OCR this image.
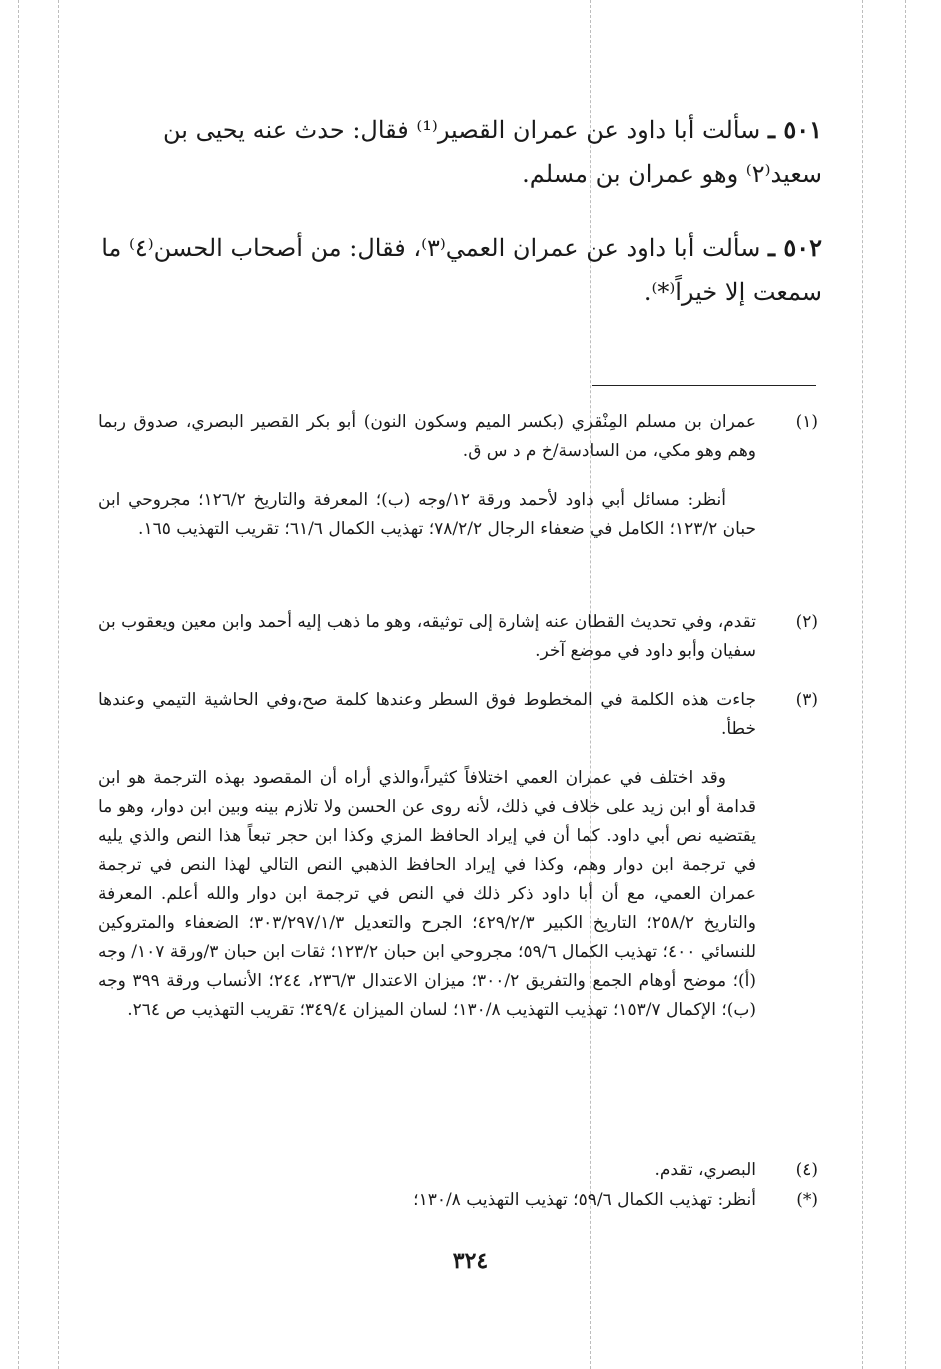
٥٠١ ـ سألت أبا داود عن عمران القصير⁽¹⁾ فقال: حدث عنه يحيى بن سعيد⁽٢⁾ وهو عمران بن مسلم.
٥٠٢ ـ سألت أبا داود عن عمران العمي⁽٣⁾، فقال: من أصحاب الحسن⁽٤⁾ ما سمعت إلا خيراً⁽*⁾.
(١)
عمران بن مسلم المِنْقري (بكسر الميم وسكون النون) أبو بكر القصير البصري، صدوق ربما وهم وهو مكي، من السادسة/خ م د س ق.
أنظر: مسائل أبي داود لأحمد ورقة ١٢/وجه (ب)؛ المعرفة والتاريخ ١٢٦/٢؛ مجروحي ابن حبان ١٢٣/٢؛ الكامل في ضعفاء الرجال ٧٨/٢/٢؛ تهذيب الكمال ٦١/٦؛ تقريب التهذيب ١٦٥.
(٢)
تقدم، وفي تحديث القطان عنه إشارة إلى توثيقه، وهو ما ذهب إليه أحمد وابن معين ويعقوب بن سفيان وأبو داود في موضع آخر.
(٣)
جاءت هذه الكلمة في المخطوط فوق السطر وعندها كلمة صح،وفي الحاشية التيمي وعندها خطأ.
وقد اختلف في عمران العمي اختلافاً كثيراً،والذي أراه أن المقصود بهذه الترجمة هو ابن قدامة أو ابن زيد على خلاف في ذلك، لأنه روى عن الحسن ولا تلازم بينه وبين ابن دوار، وهو ما يقتضيه نص أبي داود. كما أن في إيراد الحافظ المزي وكذا ابن حجر تبعاً هذا النص والذي يليه في ترجمة ابن دوار وهم، وكذا في إيراد الحافظ الذهبي النص التالي لهذا النص في ترجمة عمران العمي، مع أن أبا داود ذكر ذلك في النص في ترجمة ابن دوار والله أعلم. المعرفة والتاريخ ٢٥٨/٢؛ التاريخ الكبير ٤٢٩/٢/٣؛ الجرح والتعديل ٣٠٣/٢٩٧/١/٣؛ الضعفاء والمتروكين للنسائي ٤٠٠؛ تهذيب الكمال ٥٩/٦؛ مجروحي ابن حبان ١٢٣/٢؛ ثقات ابن حبان ٣/ورقة ١٠٧/ وجه (أ)؛ موضح أوهام الجمع والتفريق ٣٠٠/٢؛ ميزان الاعتدال ٢٣٦/٣، ٢٤٤؛ الأنساب ورقة ٣٩٩ وجه (ب)؛ الإكمال ١٥٣/٧؛ تهذيب التهذيب ١٣٠/٨؛ لسان الميزان ٣٤٩/٤؛ تقريب التهذيب ص ٢٦٤.
(٤)
البصري، تقدم.
(*)
أنظر: تهذيب الكمال ٥٩/٦؛ تهذيب التهذيب ١٣٠/٨؛
٣٢٤
